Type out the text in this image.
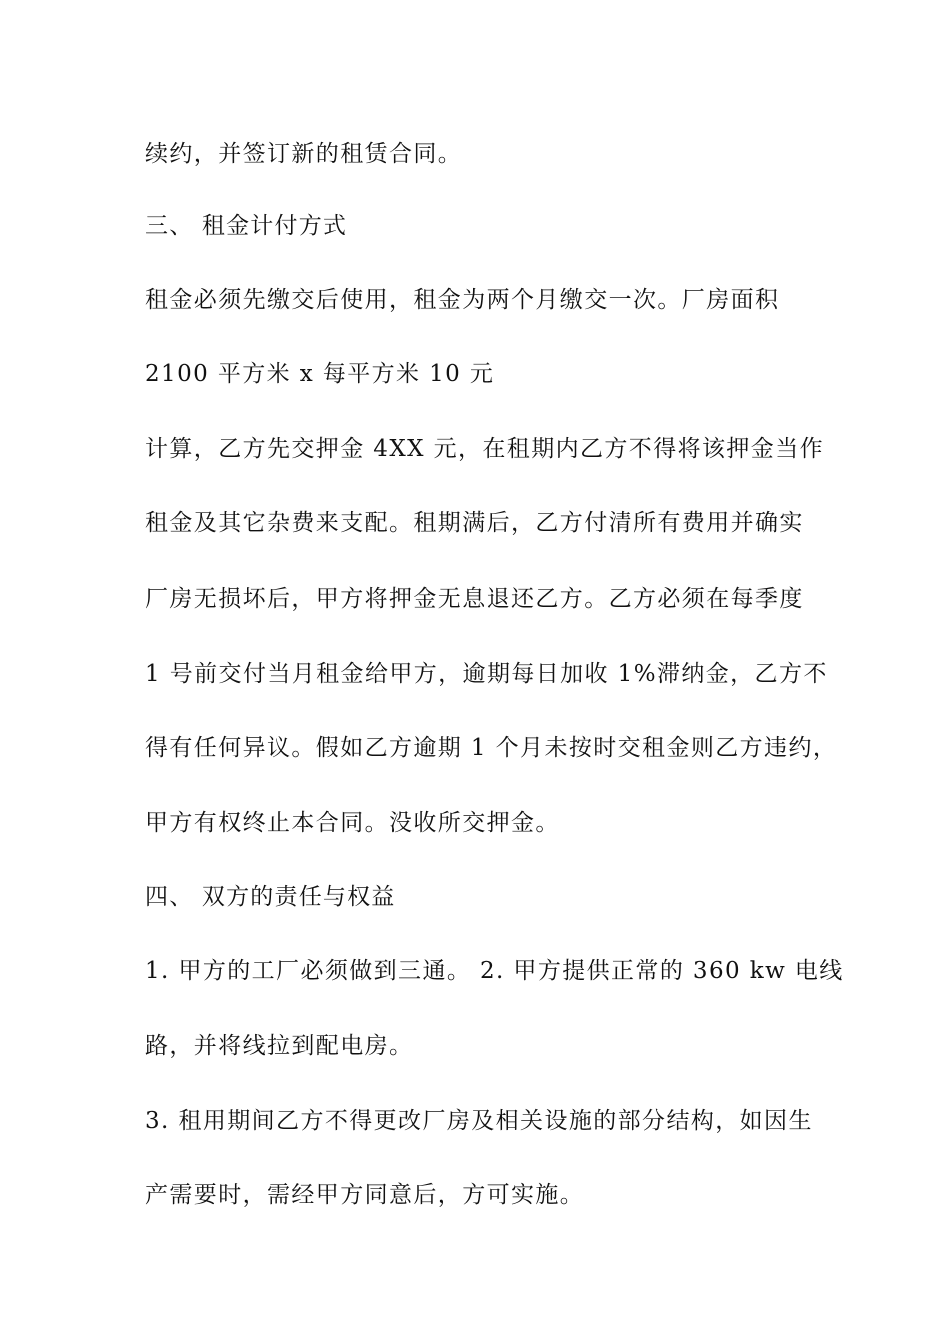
续约，并签订新的租赁合同。
三、 租金计付方式
租金必须先缴交后使用，租金为两个月缴交一次。厂房面积
2100 平方米 x 每平方米 10 元
计算，乙方先交押金 4XX 元，在租期内乙方不得将该押金当作
租金及其它杂费来支配。租期满后，乙方付清所有费用并确实
厂房无损坏后，甲方将押金无息退还乙方。乙方必须在每季度
1 号前交付当月租金给甲方，逾期每日加收 1%滞纳金，乙方不
得有任何异议。假如乙方逾期 1 个月未按时交租金则乙方违约，
甲方有权终止本合同。没收所交押金。
四、 双方的责任与权益
1. 甲方的工厂必须做到三通。 2. 甲方提供正常的 360 kw 电线
路，并将线拉到配电房。
3. 租用期间乙方不得更改厂房及相关设施的部分结构，如因生
产需要时，需经甲方同意后，方可实施。
